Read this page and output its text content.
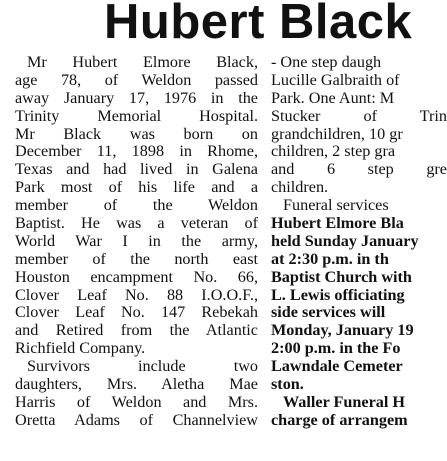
Hubert Black
Mr Hubert Elmore Black,
age 78, of Weldon passed
away January 17, 1976 in the
Trinity Memorial Hospital.
Mr Black was born on
December 11, 1898 in Rhome,
Texas and had lived in Galena
Park most of his life and a
member of the Weldon
Baptist. He was a veteran of
World War I in the army,
member of the north east
Houston encampment No. 66,
Clover Leaf No. 88 I.O.O.F.,
Clover Leaf No. 147 Rebekah
and Retired from the Atlantic
Richfield Company.
Survivors include two
daughters, Mrs. Aletha Mae
Harris of Weldon and Mrs.
Oretta Adams of Channelview
- One step daugh
Lucille Galbraith of
Park. One Aunt: M
Stucker of Trin
grandchildren, 10 gr
children, 2 step gra
and 6 step gre
children.
Funeral services
Hubert Elmore Bla
held Sunday January
at 2:30 p.m. in th
Baptist Church with
L. Lewis officiating
side services will
Monday, January 19
2:00 p.m. in the Fo
Lawndale Cemeter
ston.
Waller Funeral H
charge of arrangem
